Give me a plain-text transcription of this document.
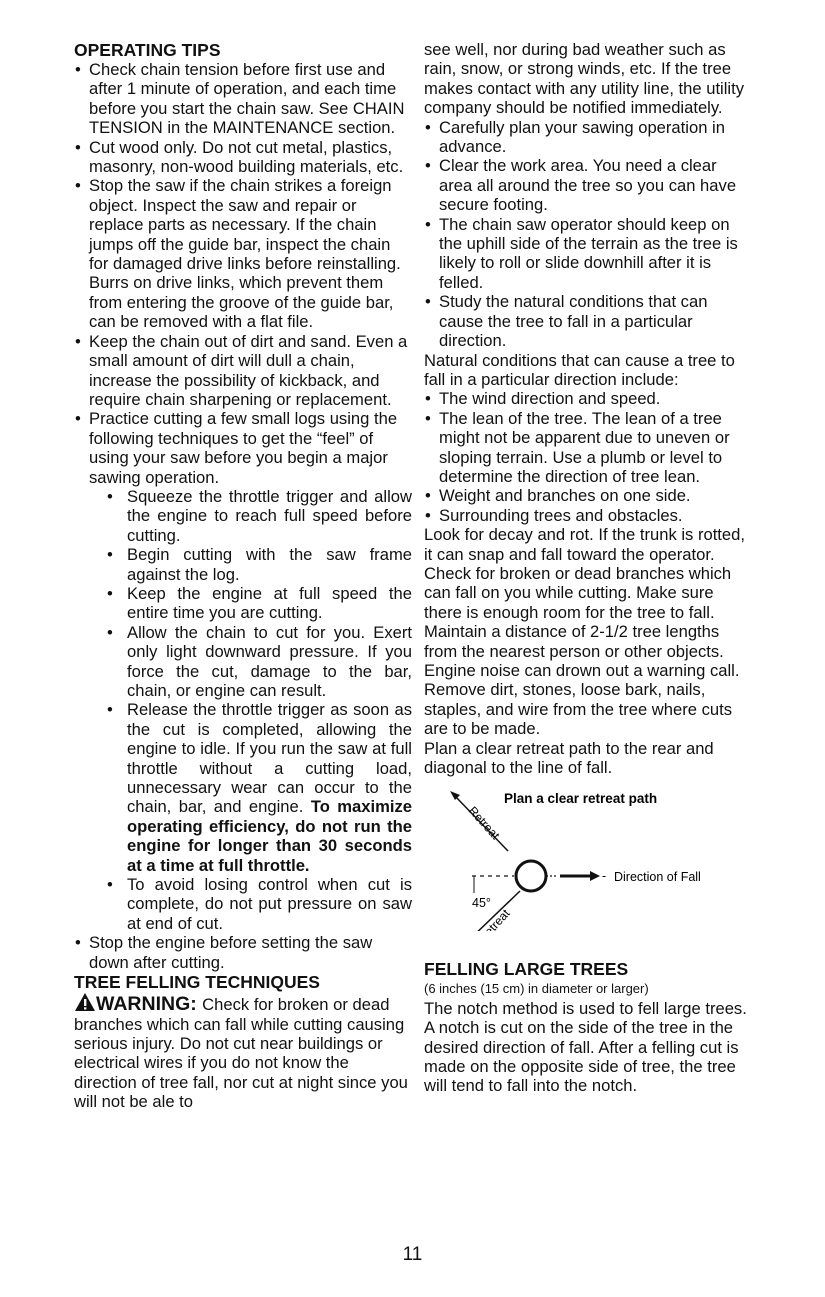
OPERATING TIPS
• Check chain tension before first use and after 1 minute of operation, and each time before you start the chain saw. See CHAIN TENSION in the MAINTENANCE section.
• Cut wood only. Do not cut metal, plastics, masonry, non-wood building materials, etc.
• Stop the saw if the chain strikes a foreign object. Inspect the saw and repair or replace parts as necessary. If the chain jumps off the guide bar, inspect the chain for damaged drive links before reinstalling. Burrs on drive links, which prevent them from entering the groove of the guide bar, can be removed with a flat file.
• Keep the chain out of dirt and sand. Even a small amount of dirt will dull a chain, increase the possibility of kickback, and require chain sharpening or replacement.
• Practice cutting a few small logs using the following techniques to get the “feel” of using your saw before you begin a major sawing operation.
• Squeeze the throttle trigger and allow the engine to reach full speed before cutting.
• Begin cutting with the saw frame against the log.
• Keep the engine at full speed the entire time you are cutting.
• Allow the chain to cut for you. Exert only light downward pressure. If you force the cut, damage to the bar, chain, or engine can result.
• Release the throttle trigger as soon as the cut is completed, allowing the engine to idle. If you run the saw at full throttle without a cutting load, unnecessary wear can occur to the chain, bar, and engine. To maximize operating efficiency, do not run the engine for longer than 30 seconds at a time at full throttle.
• To avoid losing control when cut is complete, do not put pressure on saw at end of cut.
• Stop the engine before setting the saw down after cutting.
TREE FELLING TECHNIQUES

WARNING: Check for broken or dead branches which can fall while cutting causing serious injury. Do not cut near buildings or electrical wires if you do not know the direction of tree fall, nor cut at night since you will not be ale to

see well, nor during bad weather such as rain, snow, or strong winds, etc. If the tree makes contact with any utility line, the utility company should be notified immediately.

• Carefully plan your sawing operation in advance.
• Clear the work area. You need a clear area all around the tree so you can have secure footing.
• The chain saw operator should keep on the uphill side of the terrain as the tree is likely to roll or slide downhill after it is felled.
• Study the natural conditions that can cause the tree to fall in a particular direction.

Natural conditions that can cause a tree to fall in a particular direction include:

• The wind direction and speed.
• The lean of the tree. The lean of a tree might not be apparent due to uneven or sloping terrain. Use a plumb or level to determine the direction of tree lean.
• Weight and branches on one side.
• Surrounding trees and obstacles.

Look for decay and rot. If the trunk is rotted, it can snap and fall toward the operator. Check for broken or dead branches which can fall on you while cutting. Make sure there is enough room for the tree to fall. Maintain a distance of 2-1/2 tree lengths from the nearest person or other objects. Engine noise can drown out a warning call.

Remove dirt, stones, loose bark, nails, staples, and wire from the tree where cuts are to be made.

Plan a clear retreat path to the rear and diagonal to the line of fall.

Plan a clear retreat path
Retreat
- Direction of Fall
45°
Retreat
FELLING LARGE TREES

(6 inches (15 cm) in diameter or larger)

The notch method is used to fell large trees. A notch is cut on the side of the tree in the desired direction of fall. After a felling cut is made on the opposite side of tree, the tree will tend to fall into the notch.

11
